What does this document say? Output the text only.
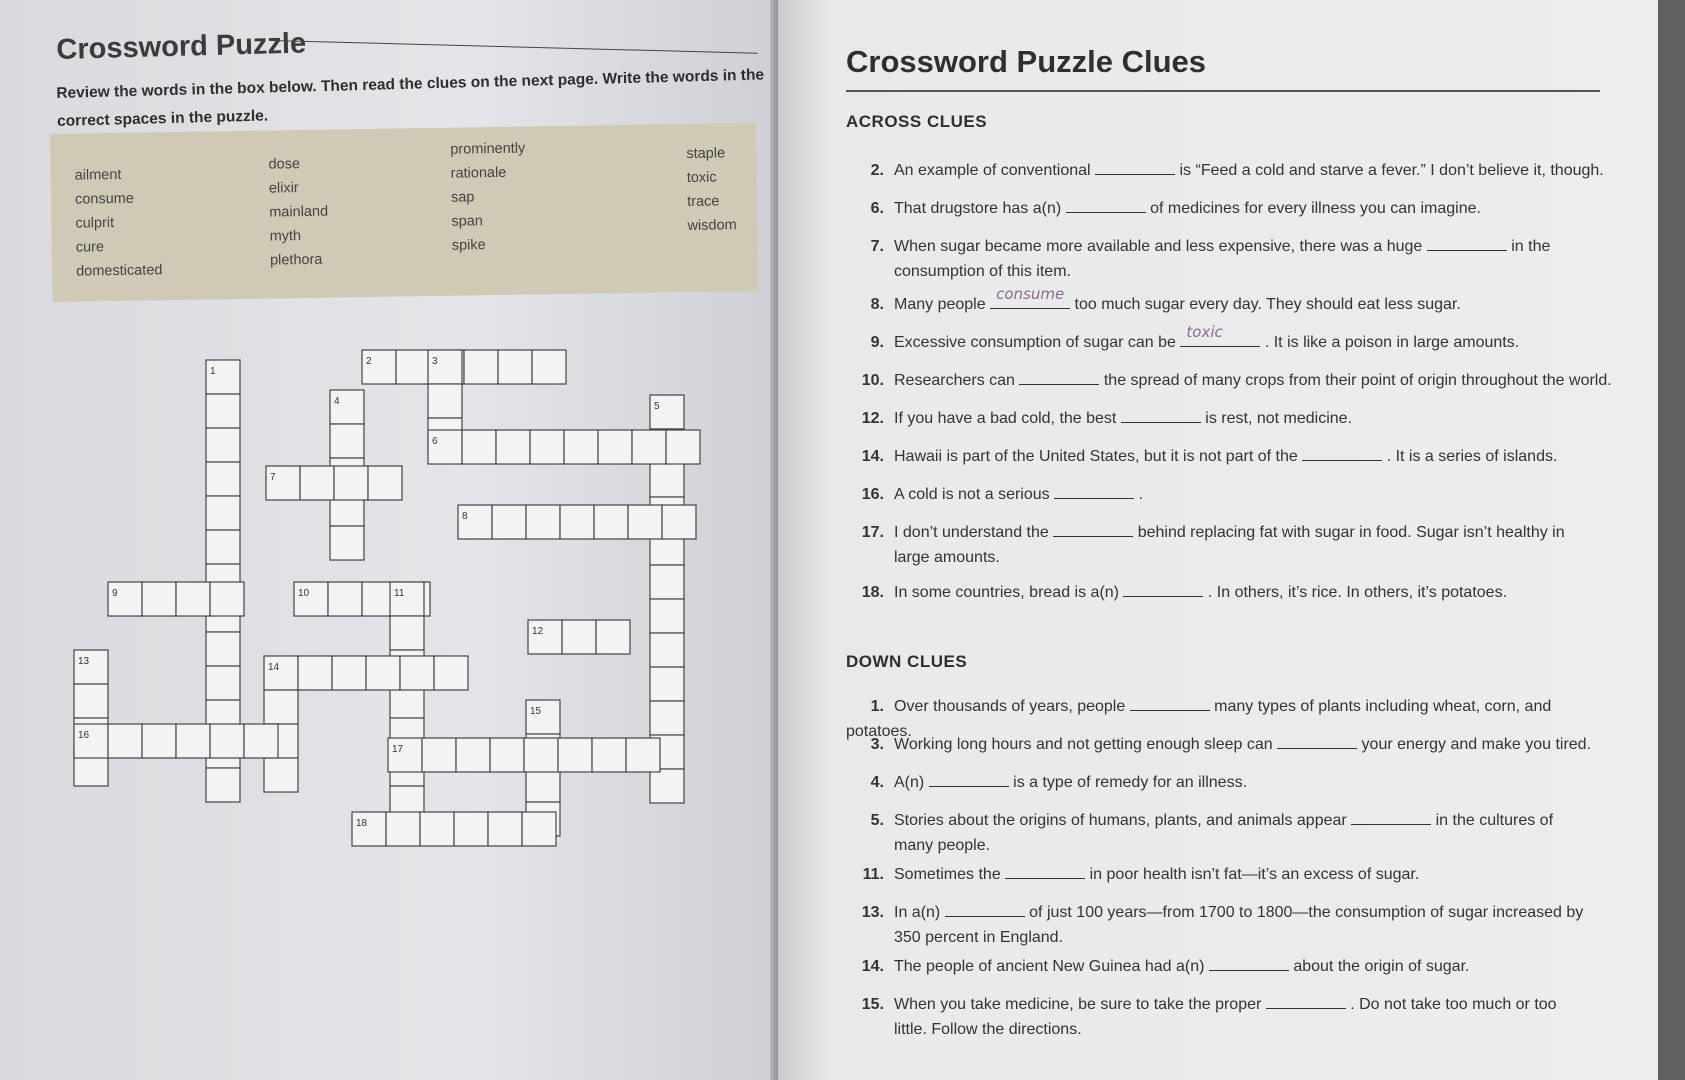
Crossword Puzzle
Review the words in the box below. Then read the clues on the next page. Write the words in the correct spaces in the puzzle.
ailment
consume
culprit
cure
domesticated
dose
elixir
mainland
myth
plethora
prominently
rationale
sap
span
spike
staple
toxic
trace
wisdom
1
2	3
4	5
6
7
8
9	10	11
12
13
14
15
16
17
18
Crossword Puzzle Clues
ACROSS CLUES
2. An example of conventional	is “Feed a cold and starve a fever.” I don’t believe it, though.
6. That drugstore has a(n)	of medicines for every illness you can imagine.
7. When sugar became more available and less expensive, there was a huge	in the
consumption of this item.
8. Many people
consume
too much sugar every day. They should eat less sugar.
9. Excessive consumption of sugar can be
toxic
. It is like a poison in large amounts.
10. Researchers can	the spread of many crops from their point of origin throughout the world.
12. If you have a bad cold, the best	is rest, not medicine.
14. Hawaii is part of the United States, but it is not part of the	. It is a series of islands.
16. A cold is not a serious	.
17. I don’t understand the	behind replacing fat with sugar in food. Sugar isn’t healthy in
large amounts.
18. In some countries, bread is a(n)	. In others, it’s rice. In others, it’s potatoes.
DOWN CLUES
1. Over thousands of years, people	many types of plants including wheat, corn, and potatoes.
3. Working long hours and not getting enough sleep can	your energy and make you tired.
4. A(n)	is a type of remedy for an illness.
5. Stories about the origins of humans, plants, and animals appear	in the cultures of
many people.
11. Sometimes the	in poor health isn’t fat—it’s an excess of sugar.
13. In a(n)	of just 100 years—from 1700 to 1800—the consumption of sugar increased by
350 percent in England.
14. The people of ancient New Guinea had a(n)	about the origin of sugar.
15. When you take medicine, be sure to take the proper	. Do not take too much or too
little. Follow the directions.
